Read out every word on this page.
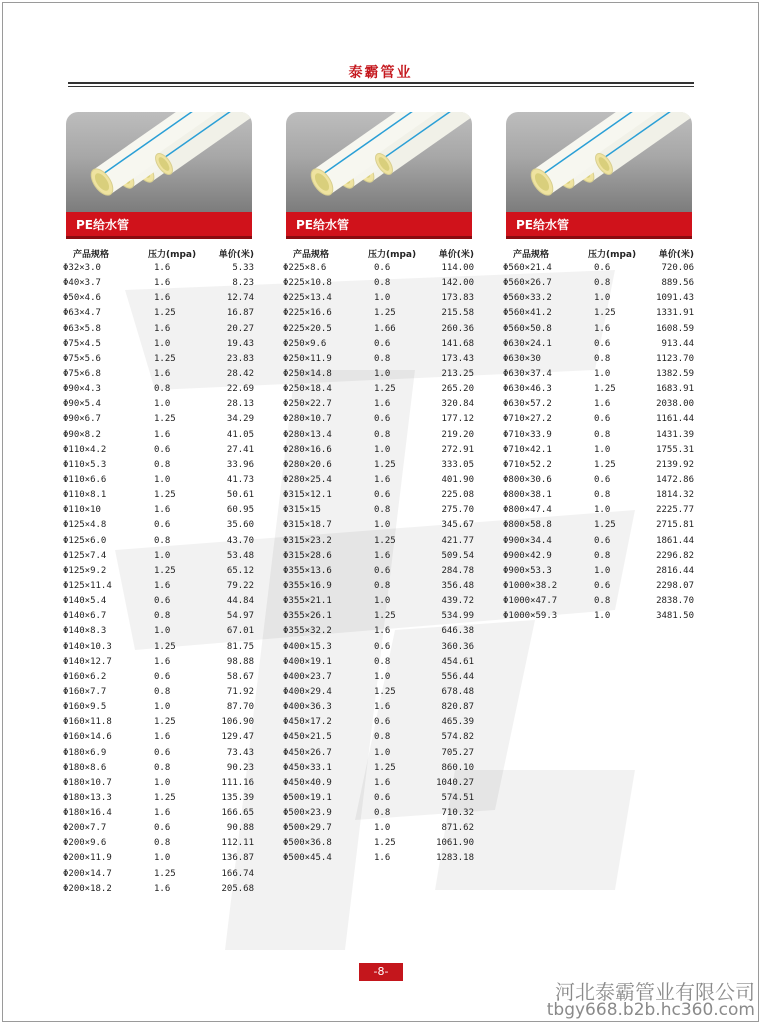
泰霸管业
PE给水管
产品规格	压力(mpa)	单价(米)
Φ32×3.0	1.6	5.33
Φ40×3.7	1.6	8.23
Φ50×4.6	1.6	12.74
Φ63×4.7	1.25	16.87
Φ63×5.8	1.6	20.27
Φ75×4.5	1.0	19.43
Φ75×5.6	1.25	23.83
Φ75×6.8	1.6	28.42
Φ90×4.3	0.8	22.69
Φ90×5.4	1.0	28.13
Φ90×6.7	1.25	34.29
Φ90×8.2	1.6	41.05
Φ110×4.2	0.6	27.41
Φ110×5.3	0.8	33.96
Φ110×6.6	1.0	41.73
Φ110×8.1	1.25	50.61
Φ110×10	1.6	60.95
Φ125×4.8	0.6	35.60
Φ125×6.0	0.8	43.70
Φ125×7.4	1.0	53.48
Φ125×9.2	1.25	65.12
Φ125×11.4	1.6	79.22
Φ140×5.4	0.6	44.84
Φ140×6.7	0.8	54.97
Φ140×8.3	1.0	67.01
Φ140×10.3	1.25	81.75
Φ140×12.7	1.6	98.88
Φ160×6.2	0.6	58.67
Φ160×7.7	0.8	71.92
Φ160×9.5	1.0	87.70
Φ160×11.8	1.25	106.90
Φ160×14.6	1.6	129.47
Φ180×6.9	0.6	73.43
Φ180×8.6	0.8	90.23
Φ180×10.7	1.0	111.16
Φ180×13.3	1.25	135.39
Φ180×16.4	1.6	166.65
Φ200×7.7	0.6	90.88
Φ200×9.6	0.8	112.11
Φ200×11.9	1.0	136.87
Φ200×14.7	1.25	166.74
Φ200×18.2	1.6	205.68
PE给水管
产品规格	压力(mpa)	单价(米)
Φ225×8.6	0.6	114.00
Φ225×10.8	0.8	142.00
Φ225×13.4	1.0	173.83
Φ225×16.6	1.25	215.58
Φ225×20.5	1.66	260.36
Φ250×9.6	0.6	141.68
Φ250×11.9	0.8	173.43
Φ250×14.8	1.0	213.25
Φ250×18.4	1.25	265.20
Φ250×22.7	1.6	320.84
Φ280×10.7	0.6	177.12
Φ280×13.4	0.8	219.20
Φ280×16.6	1.0	272.91
Φ280×20.6	1.25	333.05
Φ280×25.4	1.6	401.90
Φ315×12.1	0.6	225.08
Φ315×15	0.8	275.70
Φ315×18.7	1.0	345.67
Φ315×23.2	1.25	421.77
Φ315×28.6	1.6	509.54
Φ355×13.6	0.6	284.78
Φ355×16.9	0.8	356.48
Φ355×21.1	1.0	439.72
Φ355×26.1	1.25	534.99
Φ355×32.2	1.6	646.38
Φ400×15.3	0.6	360.36
Φ400×19.1	0.8	454.61
Φ400×23.7	1.0	556.44
Φ400×29.4	1.25	678.48
Φ400×36.3	1.6	820.87
Φ450×17.2	0.6	465.39
Φ450×21.5	0.8	574.82
Φ450×26.7	1.0	705.27
Φ450×33.1	1.25	860.10
Φ450×40.9	1.6	1040.27
Φ500×19.1	0.6	574.51
Φ500×23.9	0.8	710.32
Φ500×29.7	1.0	871.62
Φ500×36.8	1.25	1061.90
Φ500×45.4	1.6	1283.18
PE给水管
产品规格	压力(mpa)	单价(米)
Φ560×21.4	0.6	720.06
Φ560×26.7	0.8	889.56
Φ560×33.2	1.0	1091.43
Φ560×41.2	1.25	1331.91
Φ560×50.8	1.6	1608.59
Φ630×24.1	0.6	913.44
Φ630×30	0.8	1123.70
Φ630×37.4	1.0	1382.59
Φ630×46.3	1.25	1683.91
Φ630×57.2	1.6	2038.00
Φ710×27.2	0.6	1161.44
Φ710×33.9	0.8	1431.39
Φ710×42.1	1.0	1755.31
Φ710×52.2	1.25	2139.92
Φ800×30.6	0.6	1472.86
Φ800×38.1	0.8	1814.32
Φ800×47.4	1.0	2225.77
Φ800×58.8	1.25	2715.81
Φ900×34.4	0.6	1861.44
Φ900×42.9	0.8	2296.82
Φ900×53.3	1.0	2816.44
Φ1000×38.2	0.6	2298.07
Φ1000×47.7	0.8	2838.70
Φ1000×59.3	1.0	3481.50
-8-
河北泰霸管业有限公司
tbgy668.b2b.hc360.com
